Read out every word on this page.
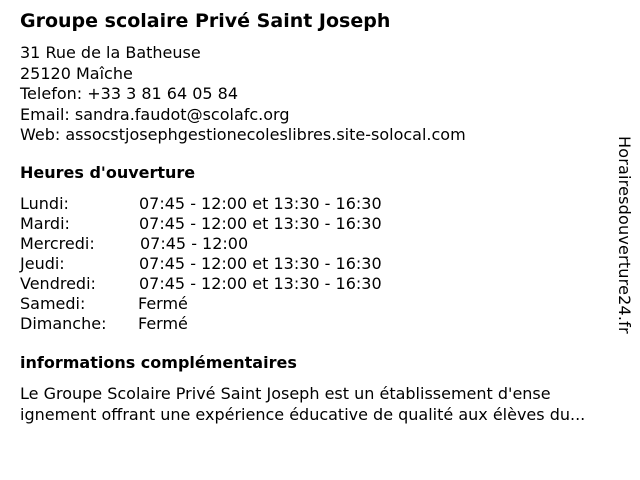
Groupe scolaire Privé Saint Joseph
31 Rue de la Batheuse
25120 Maîche
Telefon: +33 3 81 64 05 84
Email: sandra.faudot@scolafc.org
Web: assocstjosephgestionecoleslibres.site-solocal.com
Heures d'ouverture
Lundi:	07:45 - 12:00 et 13:30 - 16:30
Mardi:	07:45 - 12:00 et 13:30 - 16:30
Mercredi:	07:45 - 12:00
Jeudi:	07:45 - 12:00 et 13:30 - 16:30
Vendredi:	07:45 - 12:00 et 13:30 - 16:30
Samedi:	Fermé
Dimanche: Fermé
informations complémentaires
Le Groupe Scolaire Privé Saint Joseph est un établissement d'ense
ignement offrant une expérience éducative de qualité aux élèves du...
Horairesdouverture24.fr
